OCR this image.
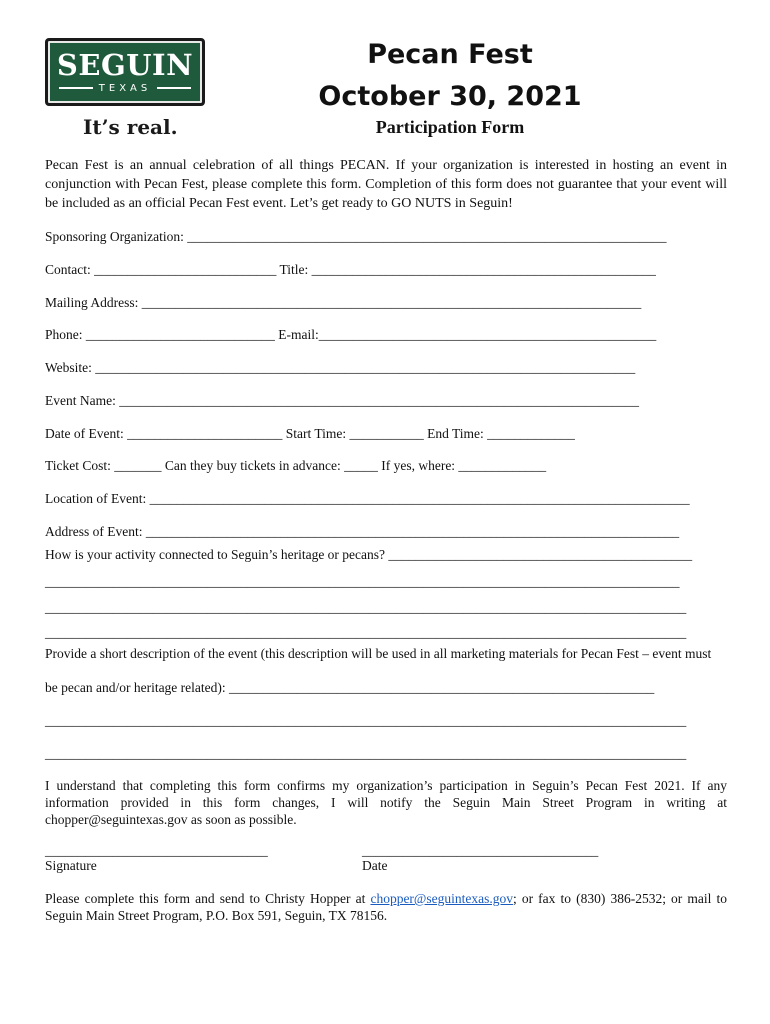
SEGUIN
TEXAS
It’s real.
Pecan Fest
October 30, 2021
Participation Form
Pecan Fest is an annual celebration of all things PECAN. If your organization is interested in hosting an event in conjunction with Pecan Fest, please complete this form. Completion of this form does not guarantee that your event will be included as an official Pecan Fest event. Let’s get ready to GO NUTS in Seguin!
Sponsoring Organization: _______________________________________________________________________
Contact: ___________________________ Title: ___________________________________________________
Mailing Address: __________________________________________________________________________
Phone: ____________________________ E-mail:__________________________________________________
Website: ________________________________________________________________________________
Event Name: _____________________________________________________________________________
Date of Event: _______________________ Start Time: ___________ End Time: _____________
Ticket Cost: _______ Can they buy tickets in advance: _____ If yes, where: _____________
Location of Event: ________________________________________________________________________________
Address of Event: _______________________________________________________________________________
How is your activity connected to Seguin’s heritage or pecans? _____________________________________________
______________________________________________________________________________________________
_______________________________________________________________________________________________
_______________________________________________________________________________________________
Provide a short description of the event (this description will be used in all marketing materials for Pecan Fest – event must
be pecan and/or heritage related): _______________________________________________________________
_______________________________________________________________________________________________
_______________________________________________________________________________________________
I understand that completing this form confirms my organization’s participation in Seguin’s Pecan Fest 2021. If any information provided in this form changes, I will notify the Seguin Main Street Program in writing at chopper@seguintexas.gov as soon as possible.
_________________________________
Signature
___________________________________
Date
Please complete this form and send to Christy Hopper at chopper@seguintexas.gov; or fax to (830) 386-2532; or mail to Seguin Main Street Program, P.O. Box 591, Seguin, TX 78156.
